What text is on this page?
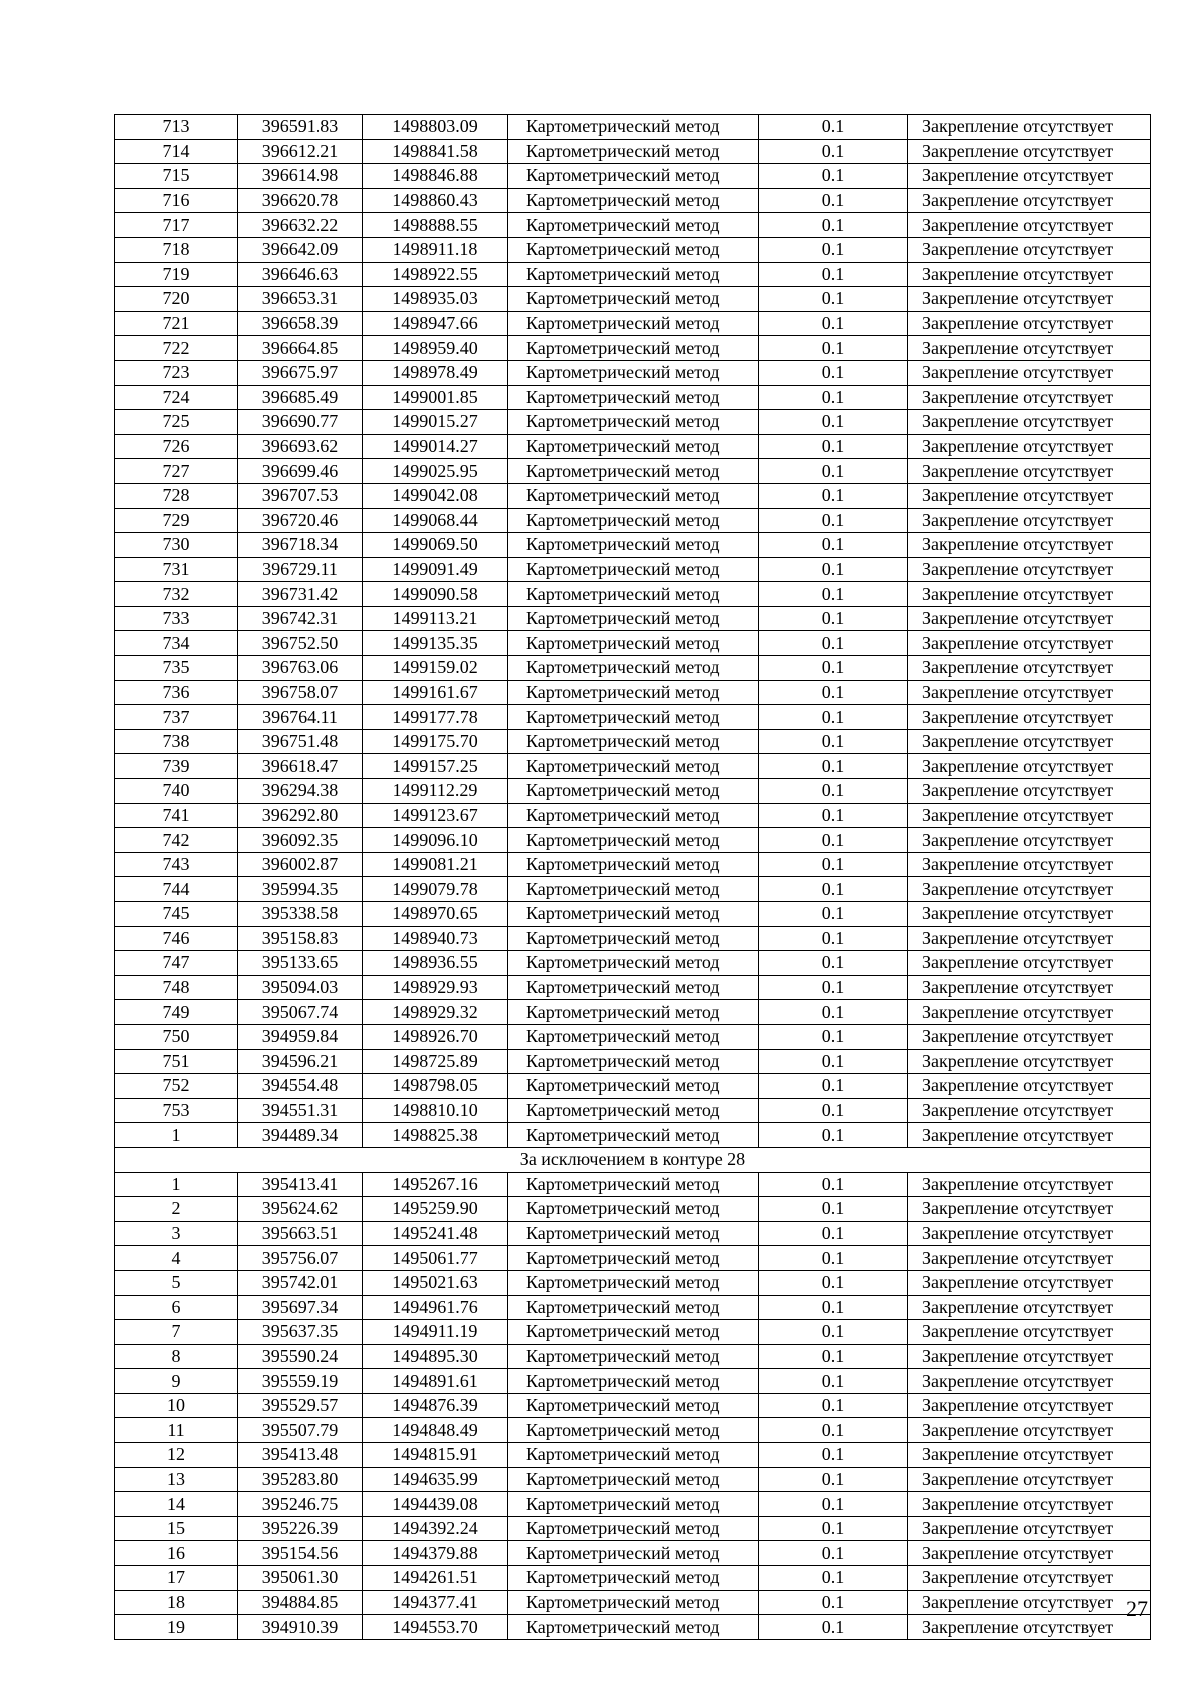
713	396591.83	1498803.09	Картометрический метод	0.1	Закрепление отсутствует
714	396612.21	1498841.58	Картометрический метод	0.1	Закрепление отсутствует
715	396614.98	1498846.88	Картометрический метод	0.1	Закрепление отсутствует
716	396620.78	1498860.43	Картометрический метод	0.1	Закрепление отсутствует
717	396632.22	1498888.55	Картометрический метод	0.1	Закрепление отсутствует
718	396642.09	1498911.18	Картометрический метод	0.1	Закрепление отсутствует
719	396646.63	1498922.55	Картометрический метод	0.1	Закрепление отсутствует
720	396653.31	1498935.03	Картометрический метод	0.1	Закрепление отсутствует
721	396658.39	1498947.66	Картометрический метод	0.1	Закрепление отсутствует
722	396664.85	1498959.40	Картометрический метод	0.1	Закрепление отсутствует
723	396675.97	1498978.49	Картометрический метод	0.1	Закрепление отсутствует
724	396685.49	1499001.85	Картометрический метод	0.1	Закрепление отсутствует
725	396690.77	1499015.27	Картометрический метод	0.1	Закрепление отсутствует
726	396693.62	1499014.27	Картометрический метод	0.1	Закрепление отсутствует
727	396699.46	1499025.95	Картометрический метод	0.1	Закрепление отсутствует
728	396707.53	1499042.08	Картометрический метод	0.1	Закрепление отсутствует
729	396720.46	1499068.44	Картометрический метод	0.1	Закрепление отсутствует
730	396718.34	1499069.50	Картометрический метод	0.1	Закрепление отсутствует
731	396729.11	1499091.49	Картометрический метод	0.1	Закрепление отсутствует
732	396731.42	1499090.58	Картометрический метод	0.1	Закрепление отсутствует
733	396742.31	1499113.21	Картометрический метод	0.1	Закрепление отсутствует
734	396752.50	1499135.35	Картометрический метод	0.1	Закрепление отсутствует
735	396763.06	1499159.02	Картометрический метод	0.1	Закрепление отсутствует
736	396758.07	1499161.67	Картометрический метод	0.1	Закрепление отсутствует
737	396764.11	1499177.78	Картометрический метод	0.1	Закрепление отсутствует
738	396751.48	1499175.70	Картометрический метод	0.1	Закрепление отсутствует
739	396618.47	1499157.25	Картометрический метод	0.1	Закрепление отсутствует
740	396294.38	1499112.29	Картометрический метод	0.1	Закрепление отсутствует
741	396292.80	1499123.67	Картометрический метод	0.1	Закрепление отсутствует
742	396092.35	1499096.10	Картометрический метод	0.1	Закрепление отсутствует
743	396002.87	1499081.21	Картометрический метод	0.1	Закрепление отсутствует
744	395994.35	1499079.78	Картометрический метод	0.1	Закрепление отсутствует
745	395338.58	1498970.65	Картометрический метод	0.1	Закрепление отсутствует
746	395158.83	1498940.73	Картометрический метод	0.1	Закрепление отсутствует
747	395133.65	1498936.55	Картометрический метод	0.1	Закрепление отсутствует
748	395094.03	1498929.93	Картометрический метод	0.1	Закрепление отсутствует
749	395067.74	1498929.32	Картометрический метод	0.1	Закрепление отсутствует
750	394959.84	1498926.70	Картометрический метод	0.1	Закрепление отсутствует
751	394596.21	1498725.89	Картометрический метод	0.1	Закрепление отсутствует
752	394554.48	1498798.05	Картометрический метод	0.1	Закрепление отсутствует
753	394551.31	1498810.10	Картометрический метод	0.1	Закрепление отсутствует
1	394489.34	1498825.38	Картометрический метод	0.1	Закрепление отсутствует
За исключением в контуре 28					
1	395413.41	1495267.16	Картометрический метод	0.1	Закрепление отсутствует
2	395624.62	1495259.90	Картометрический метод	0.1	Закрепление отсутствует
3	395663.51	1495241.48	Картометрический метод	0.1	Закрепление отсутствует
4	395756.07	1495061.77	Картометрический метод	0.1	Закрепление отсутствует
5	395742.01	1495021.63	Картометрический метод	0.1	Закрепление отсутствует
6	395697.34	1494961.76	Картометрический метод	0.1	Закрепление отсутствует
7	395637.35	1494911.19	Картометрический метод	0.1	Закрепление отсутствует
8	395590.24	1494895.30	Картометрический метод	0.1	Закрепление отсутствует
9	395559.19	1494891.61	Картометрический метод	0.1	Закрепление отсутствует
10	395529.57	1494876.39	Картометрический метод	0.1	Закрепление отсутствует
11	395507.79	1494848.49	Картометрический метод	0.1	Закрепление отсутствует
12	395413.48	1494815.91	Картометрический метод	0.1	Закрепление отсутствует
13	395283.80	1494635.99	Картометрический метод	0.1	Закрепление отсутствует
14	395246.75	1494439.08	Картометрический метод	0.1	Закрепление отсутствует
15	395226.39	1494392.24	Картометрический метод	0.1	Закрепление отсутствует
16	395154.56	1494379.88	Картометрический метод	0.1	Закрепление отсутствует
17	395061.30	1494261.51	Картометрический метод	0.1	Закрепление отсутствует
18	394884.85	1494377.41	Картометрический метод	0.1	Закрепление отсутствует
19	394910.39	1494553.70	Картометрический метод	0.1	Закрепление отсутствует
27
